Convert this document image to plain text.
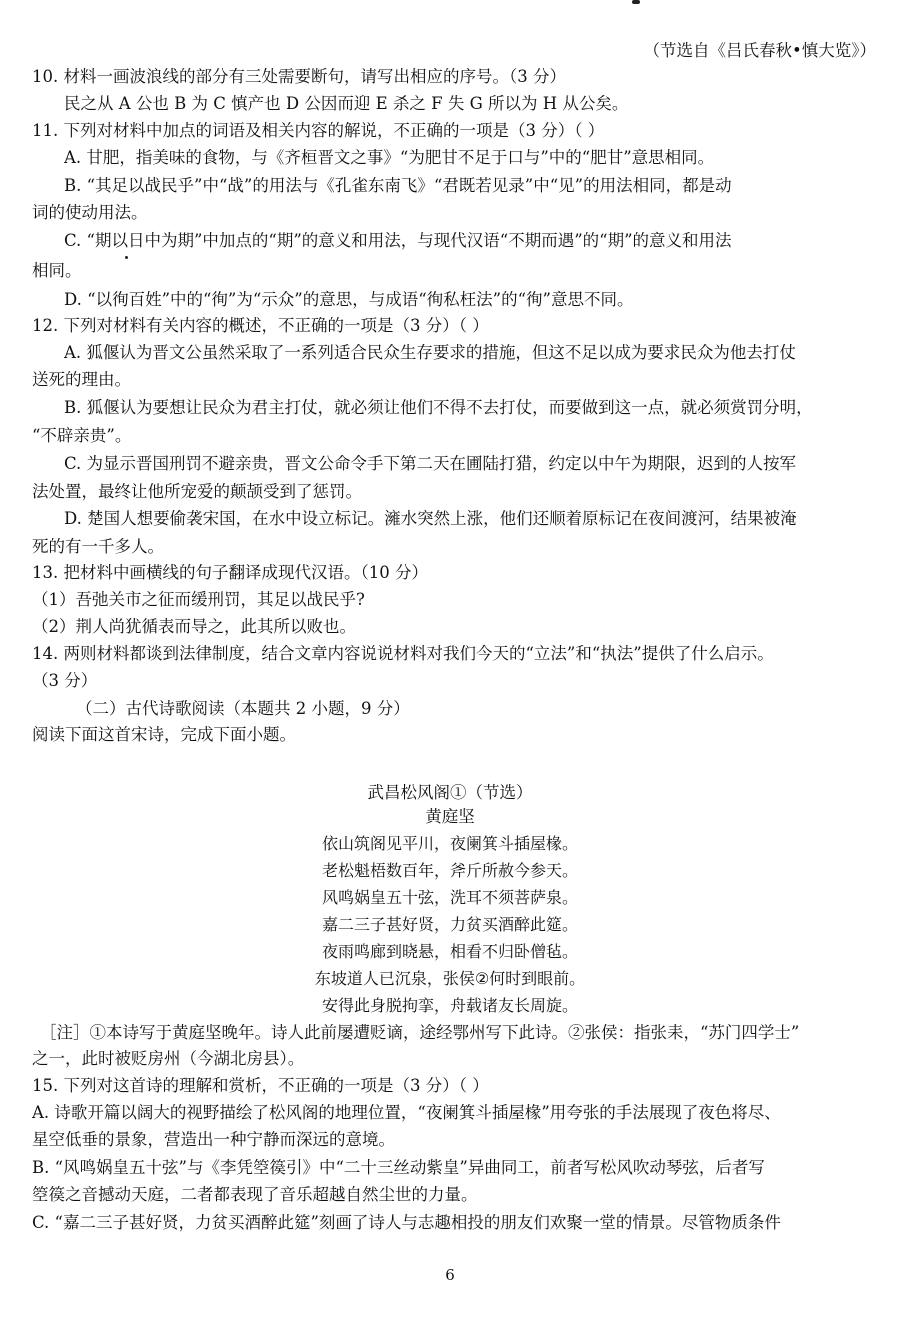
（节选自《吕氏春秋•慎大览》）
10. 材料一画波浪线的部分有三处需要断句，请写出相应的序号。（3 分）
民之从 A 公也 B 为 C 慎产也 D 公因而迎 E 杀之 F 失 G 所以为 H 从公矣。
11. 下列对材料中加点的词语及相关内容的解说，不正确的一项是（3 分）（ ）
A. 甘肥，指美味的食物，与《齐桓晋文之事》“为肥甘不足于口与”中的“肥甘”意思相同。
B. “其足以战民乎”中“战”的用法与《孔雀东南飞》“君既若见录”中“见”的用法相同，都是动
词的使动用法。
C. “期以日中为期”中加点的“期”的意义和用法，与现代汉语“不期而遇”的“期”的意义和用法
相同。
D. “以徇百姓”中的“徇”为“示众”的意思，与成语“徇私枉法”的“徇”意思不同。
12. 下列对材料有关内容的概述，不正确的一项是（3 分）（ ）
A. 狐偃认为晋文公虽然采取了一系列适合民众生存要求的措施，但这不足以成为要求民众为他去打仗
送死的理由。
B. 狐偃认为要想让民众为君主打仗，就必须让他们不得不去打仗，而要做到这一点，就必须赏罚分明，
“不辟亲贵”。
C. 为显示晋国刑罚不避亲贵，晋文公命令手下第二天在圃陆打猎，约定以中午为期限，迟到的人按军
法处置，最终让他所宠爱的颠颉受到了惩罚。
D. 楚国人想要偷袭宋国，在水中设立标记。澭水突然上涨，他们还顺着原标记在夜间渡河，结果被淹
死的有一千多人。
13. 把材料中画横线的句子翻译成现代汉语。（10 分）
（1）吾弛关市之征而缓刑罚，其足以战民乎?
（2）荆人尚犹循表而导之，此其所以败也。
14. 两则材料都谈到法律制度，结合文章内容说说材料对我们今天的“立法”和“执法”提供了什么启示。
（3 分）
（二）古代诗歌阅读（本题共 2 小题，9 分）
阅读下面这首宋诗，完成下面小题。
武昌松风阁①（节选）
黄庭坚
依山筑阁见平川，夜阑箕斗插屋椽。
老松魁梧数百年，斧斤所赦今参天。
风鸣娲皇五十弦，洗耳不须菩萨泉。
嘉二三子甚好贤，力贫买酒醉此筵。
夜雨鸣廊到晓悬，相看不归卧僧毡。
东坡道人已沉泉，张侯②何时到眼前。
安得此身脱拘挛，舟载诸友长周旋。
［注］①本诗写于黄庭坚晚年。诗人此前屡遭贬谪，途经鄂州写下此诗。②张侯：指张耒，“苏门四学士”
之一，此时被贬房州（今湖北房县）。
15. 下列对这首诗的理解和赏析，不正确的一项是（3 分）（ ）
A. 诗歌开篇以阔大的视野描绘了松风阁的地理位置，“夜阑箕斗插屋椽”用夸张的手法展现了夜色将尽、
星空低垂的景象，营造出一种宁静而深远的意境。
B. “风鸣娲皇五十弦”与《李凭箜篌引》中“二十三丝动紫皇”异曲同工，前者写松风吹动琴弦，后者写
箜篌之音撼动天庭，二者都表现了音乐超越自然尘世的力量。
C. “嘉二三子甚好贤，力贫买酒醉此筵”刻画了诗人与志趣相投的朋友们欢聚一堂的情景。尽管物质条件
6
